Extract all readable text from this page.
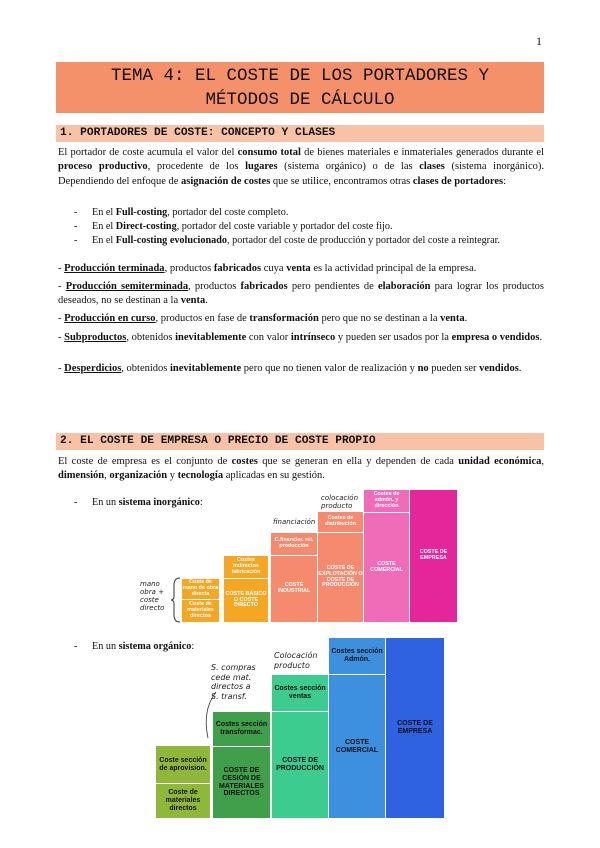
1
TEMA 4: EL COSTE DE LOS PORTADORES Y
MÉTODOS DE CÁLCULO
1. PORTADORES DE COSTE: CONCEPTO Y CLASES
El portador de coste acumula el valor del consumo total de bienes materiales e inmateriales generados durante el proceso productivo, procedente de los lugares (sistema orgánico) o de las clases (sistema inorgánico). Dependiendo del enfoque de asignación de costes que se utilice, encontramos otras clases de portadores:
- En el Full-costing, portador del coste completo.
- En el Direct-costing, portador del coste variable y portador del coste fijo.
- En el Full-costing evolucionado, portador del coste de producción y portador del coste a reintegrar.
- Producción terminada, productos fabricados cuya venta es la actividad principal de la empresa.
- Producción semiterminada, productos fabricados pero pendientes de elaboración para lograr los productos deseados, no se destinan a la venta.
- Producción en curso, productos en fase de transformación pero que no se destinan a la venta.
- Subproductos, obtenidos inevitablemente con valor intrínseco y pueden ser usados por la empresa o vendidos.
- Desperdicios, obtenidos inevitablemente pero que no tienen valor de realización y no pueden ser vendidos.
2. EL COSTE DE EMPRESA O PRECIO DE COSTE PROPIO
El coste de empresa es el conjunto de costes que se generan en ella y dependen de cada unidad económica, dimensión, organización y tecnología aplicadas en su gestión.
- En un sistema inorgánico:
Coste de mano de obra directa
Coste de materiales directos
Costes indirectos fabricación
COSTE BÁSICO O COSTE DIRECTO
C.financier. rel. producción
COSTE INDUSTRIAL
Costes de distribución
COSTE DE EXPLOTACIÓN O COSTE DE PRODUCCIÓN
Costes de admón. y dirección
COSTE COMERCIAL
COSTE DE EMPRESA
mano
obra +
coste
directo
financiación
colocación
producto
- En un sistema orgánico:
Coste sección de aprovision.
Coste de materiales directos
Costes sección transformac.
COSTE DE CESIÓN DE MATERIALES DIRECTOS
Costes sección ventas
COSTE DE PRODUCCIÓN
Costes sección Admón.
COSTE COMERCIAL
COSTE DE EMPRESA
S. compras
cede mat.
directos a
S. transf.
Colocación
producto
